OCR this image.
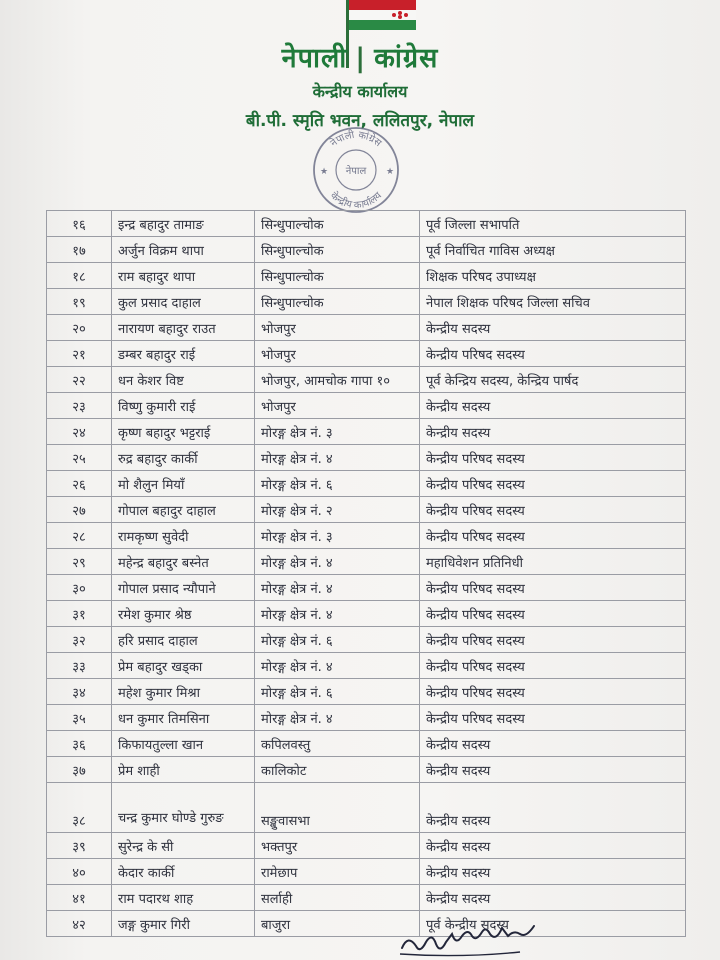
नेपाली | कांग्रेस
केन्द्रीय कार्यालय
बी.पी. स्मृति भवन, ललितपुर, नेपाल
नेपाली कांग्रेस
केन्द्रीय कार्यालय
नेपाल
★	★
१६	इन्द्र बहादुर तामाङ	सिन्धुपाल्चोक	पूर्व जिल्ला सभापति
१७	अर्जुन विक्रम थापा	सिन्धुपाल्चोक	पूर्व निर्वाचित गाविस अध्यक्ष
१८	राम बहादुर थापा	सिन्धुपाल्चोक	शिक्षक परिषद उपाध्यक्ष
१९	कुल प्रसाद दाहाल	सिन्धुपाल्चोक	नेपाल शिक्षक परिषद जिल्ला सचिव
२०	नारायण बहादुर राउत	भोजपुर	केन्द्रीय सदस्य
२१	डम्बर बहादुर राई	भोजपुर	केन्द्रीय परिषद सदस्य
२२	धन केशर विष्ट	भोजपुर, आमचोक गापा १०	पूर्व केन्द्रिय सदस्य, केन्द्रिय पार्षद
२३	विष्णु कुमारी राई	भोजपुर	केन्द्रीय सदस्य
२४	कृष्ण बहादुर भट्टराई	मोरङ्ग क्षेत्र नं. ३	केन्द्रीय सदस्य
२५	रुद्र बहादुर कार्की	मोरङ्ग क्षेत्र नं. ४	केन्द्रीय परिषद सदस्य
२६	मो शैलुन मियाँ	मोरङ्ग क्षेत्र नं. ६	केन्द्रीय परिषद सदस्य
२७	गोपाल बहादुर दाहाल	मोरङ्ग क्षेत्र नं. २	केन्द्रीय परिषद सदस्य
२८	रामकृष्ण सुवेदी	मोरङ्ग क्षेत्र नं. ३	केन्द्रीय परिषद सदस्य
२९	महेन्द्र बहादुर बस्नेत	मोरङ्ग क्षेत्र नं. ४	महाधिवेशन प्रतिनिधी
३०	गोपाल प्रसाद न्यौपाने	मोरङ्ग क्षेत्र नं. ४	केन्द्रीय परिषद सदस्य
३१	रमेश कुमार श्रेष्ठ	मोरङ्ग क्षेत्र नं. ४	केन्द्रीय परिषद सदस्य
३२	हरि प्रसाद दाहाल	मोरङ्ग क्षेत्र नं. ६	केन्द्रीय परिषद सदस्य
३३	प्रेम बहादुर खड्का	मोरङ्ग क्षेत्र नं. ४	केन्द्रीय परिषद सदस्य
३४	महेश कुमार मिश्रा	मोरङ्ग क्षेत्र नं. ६	केन्द्रीय परिषद सदस्य
३५	धन कुमार तिमसिना	मोरङ्ग क्षेत्र नं. ४	केन्द्रीय परिषद सदस्य
३६	किफायतुल्ला खान	कपिलवस्तु	केन्द्रीय सदस्य
३७	प्रेम शाही	कालिकोट	केन्द्रीय सदस्य
३८	चन्द्र कुमार घोण्डे गुरुङ	सङ्खुवासभा	केन्द्रीय सदस्य
३९	सुरेन्द्र के सी	भक्तपुर	केन्द्रीय सदस्य
४०	केदार कार्की	रामेछाप	केन्द्रीय सदस्य
४१	राम पदारथ शाह	सर्लाही	केन्द्रीय सदस्य
४२	जङ्ग कुमार गिरी	बाजुरा	पूर्व केन्द्रीय सदस्य
